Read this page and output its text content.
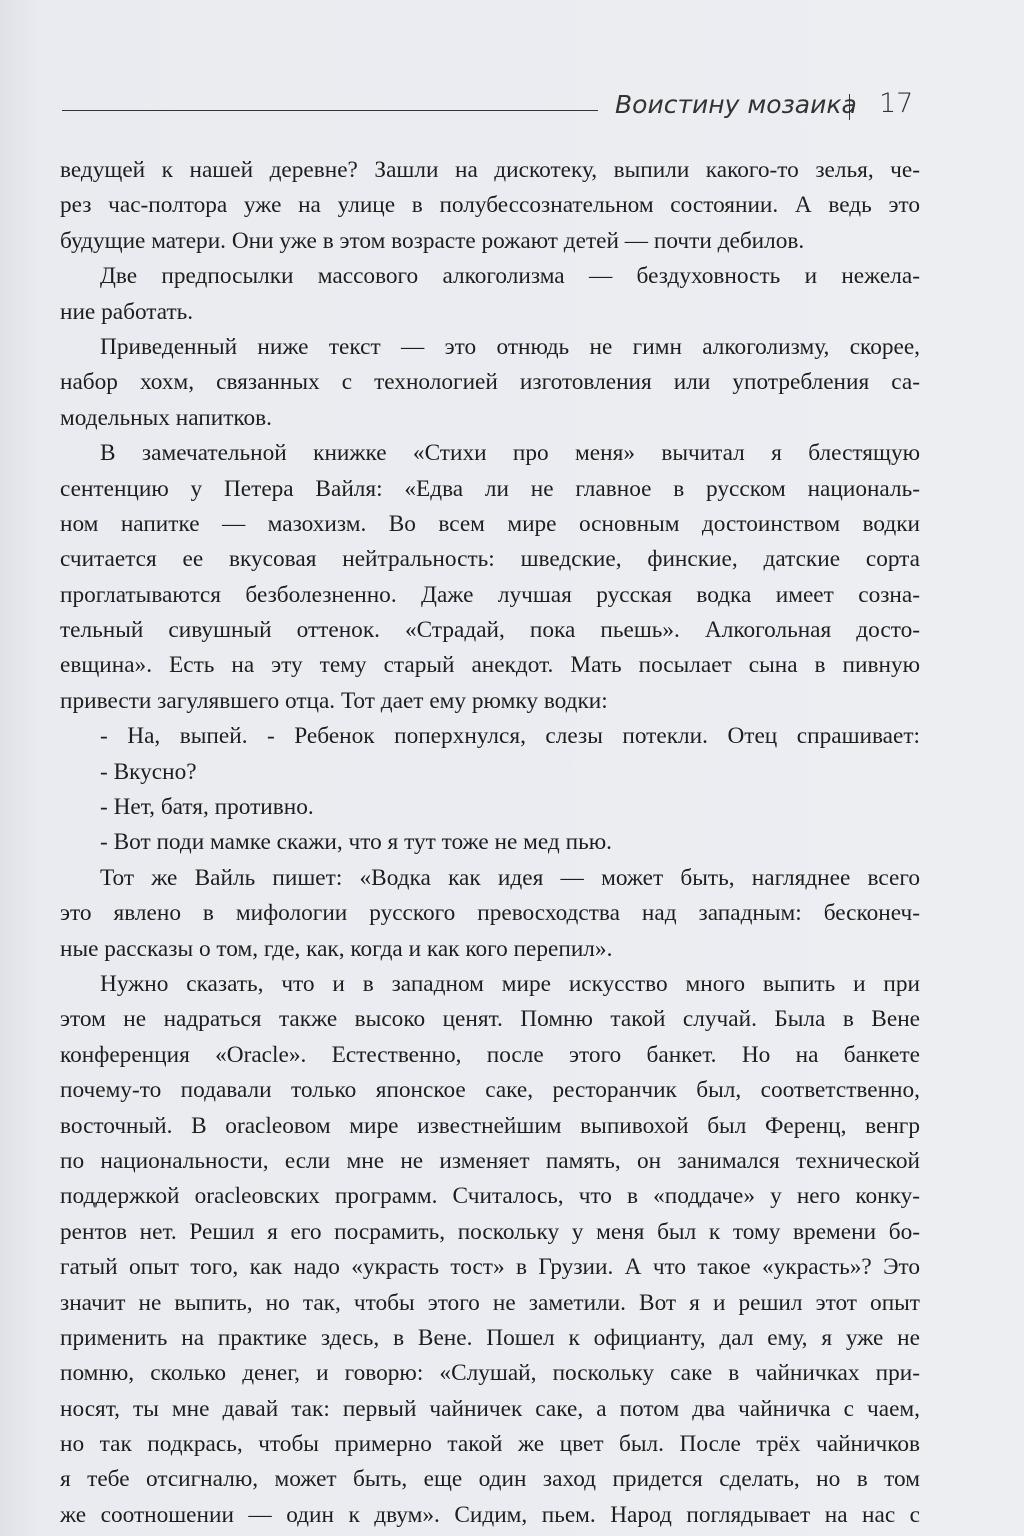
Воистину мозаика 17
ведущей к нашей деревне? Зашли на дискотеку, выпили какого-то зелья, че-
рез час-полтора уже на улице в полубессознательном состоянии. А ведь это
будущие матери. Они уже в этом возрасте рожают детей — почти дебилов.
Две предпосылки массового алкоголизма — бездуховность и нежела-
ние работать.
Приведенный ниже текст — это отнюдь не гимн алкоголизму, скорее,
набор хохм, связанных с технологией изготовления или употребления са-
модельных напитков.
В замечательной книжке «Стихи про меня» вычитал я блестящую
сентенцию у Петера Вайля: «Едва ли не главное в русском националь-
ном напитке — мазохизм. Во всем мире основным достоинством водки
считается ее вкусовая нейтральность: шведские, финские, датские сорта
проглатываются безболезненно. Даже лучшая русская водка имеет созна-
тельный сивушный оттенок. «Страдай, пока пьешь». Алкогольная досто-
евщина». Есть на эту тему старый анекдот. Мать посылает сына в пивную
привести загулявшего отца. Тот дает ему рюмку водки:
- На, выпей. - Ребенок поперхнулся, слезы потекли. Отец спрашивает:
- Вкусно?
- Нет, батя, противно.
- Вот поди мамке скажи, что я тут тоже не мед пью.
Тот же Вайль пишет: «Водка как идея — может быть, нагляднее всего
это явлено в мифологии русского превосходства над западным: бесконеч-
ные рассказы о том, где, как, когда и как кого перепил».
Нужно сказать, что и в западном мире искусство много выпить и при
этом не надраться также высоко ценят. Помню такой случай. Была в Вене
конференция «Oracle». Естественно, после этого банкет. Но на банкете
почему-то подавали только японское саке, ресторанчик был, соответственно,
восточный. В oracleовом мире известнейшим выпивохой был Ференц, венгр
по национальности, если мне не изменяет память, он занимался технической
поддержкой oracleовских программ. Считалось, что в «поддаче» у него конку-
рентов нет. Решил я его посрамить, поскольку у меня был к тому времени бо-
гатый опыт того, как надо «украсть тост» в Грузии. А что такое «украсть»? Это
значит не выпить, но так, чтобы этого не заметили. Вот я и решил этот опыт
применить на практике здесь, в Вене. Пошел к официанту, дал ему, я уже не
помню, сколько денег, и говорю: «Слушай, поскольку саке в чайничках при-
носят, ты мне давай так: первый чайничек саке, а потом два чайничка с чаем,
но так подкрась, чтобы примерно такой же цвет был. После трёх чайничков
я тебе отсигналю, может быть, еще один заход придется сделать, но в том
же соотношении — один к двум». Сидим, пьем. Народ поглядывает на нас с
